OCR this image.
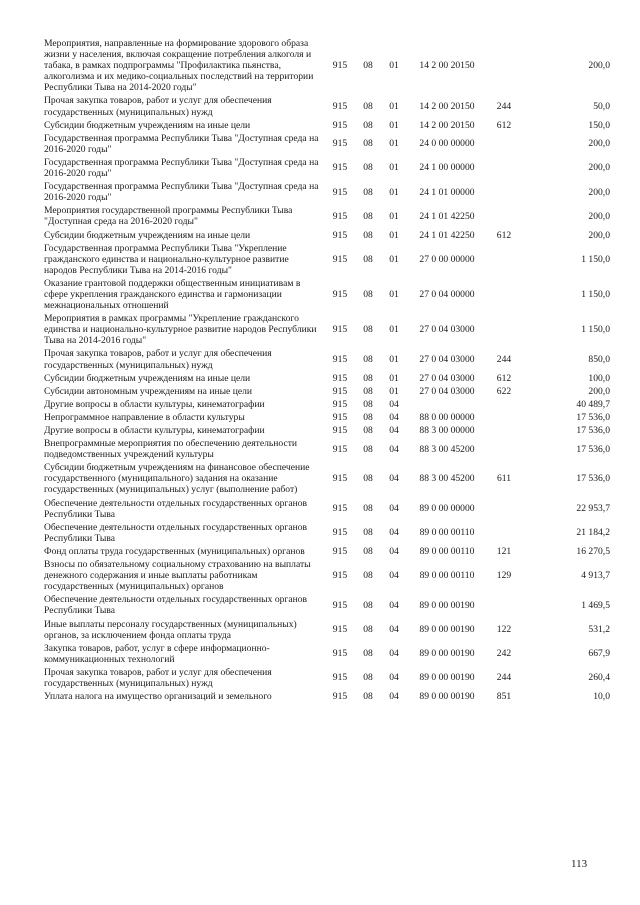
Мероприятия, направленные на формирование здорового образа жизни у населения, включая сокращение потребления алкоголя и табака, в рамках подпрограммы "Профилактика пьянства, алкоголизма и их медико-социальных последствий на территории Республики Тыва на 2014-2020 годы"	915	08	01	14 2 00 20150		200,0
Прочая закупка товаров, работ и услуг для обеспечения государственных (муниципальных) нужд	915	08	01	14 2 00 20150	244	50,0
Субсидии бюджетным учреждениям на иные цели	915	08	01	14 2 00 20150	612	150,0
Государственная программа Республики Тыва "Доступная среда на 2016-2020 годы"	915	08	01	24 0 00 00000		200,0
Государственная программа Республики Тыва "Доступная среда на 2016-2020 годы"	915	08	01	24 1 00 00000		200,0
Государственная программа Республики Тыва "Доступная среда на 2016-2020 годы"	915	08	01	24 1 01 00000		200,0
Мероприятия государственной программы Республики Тыва "Доступная среда на 2016-2020 годы"	915	08	01	24 1 01 42250		200,0
Субсидии бюджетным учреждениям на иные цели	915	08	01	24 1 01 42250	612	200,0
Государственная программа Республики Тыва "Укрепление гражданского единства и национально-культурное развитие народов Республики Тыва на 2014-2016 годы"	915	08	01	27 0 00 00000		1 150,0
Оказание грантовой поддержки общественным инициативам в сфере укрепления гражданского единства и гармонизации межнациональных отношений	915	08	01	27 0 04 00000		1 150,0
Мероприятия в рамках программы "Укрепление гражданского единства и национально-культурное развитие народов Республики Тыва на 2014-2016 годы"	915	08	01	27 0 04 03000		1 150,0
Прочая закупка товаров, работ и услуг для обеспечения государственных (муниципальных) нужд	915	08	01	27 0 04 03000	244	850,0
Субсидии бюджетным учреждениям на иные цели	915	08	01	27 0 04 03000	612	100,0
Субсидии автономным учреждениям на иные цели	915	08	01	27 0 04 03000	622	200,0
Другие вопросы в области культуры, кинематографии	915	08	04			40 489,7
Непрограммное направление в области культуры	915	08	04	88 0 00 00000		17 536,0
Другие вопросы в области культуры, кинематографии	915	08	04	88 3 00 00000		17 536,0
Внепрограммные мероприятия по обеспечению деятельности подведомственных учреждений культуры	915	08	04	88 3 00 45200		17 536,0
Субсидии бюджетным учреждениям на финансовое обеспечение государственного (муниципального) задания на оказание государственных (муниципальных) услуг (выполнение работ)	915	08	04	88 3 00 45200	611	17 536,0
Обеспечение деятельности отдельных государственных органов Республики Тыва	915	08	04	89 0 00 00000		22 953,7
Обеспечение деятельности отдельных государственных органов Республики Тыва	915	08	04	89 0 00 00110		21 184,2
Фонд оплаты труда государственных (муниципальных) органов	915	08	04	89 0 00 00110	121	16 270,5
Взносы по обязательному социальному страхованию на выплаты денежного содержания и иные выплаты работникам государственных (муниципальных) органов	915	08	04	89 0 00 00110	129	4 913,7
Обеспечение деятельности отдельных государственных органов Республики Тыва	915	08	04	89 0 00 00190		1 469,5
Иные выплаты персоналу государственных (муниципальных) органов, за исключением фонда оплаты труда	915	08	04	89 0 00 00190	122	531,2
Закупка товаров, работ, услуг в сфере информационно-коммуникационных технологий	915	08	04	89 0 00 00190	242	667,9
Прочая закупка товаров, работ и услуг для обеспечения государственных (муниципальных) нужд	915	08	04	89 0 00 00190	244	260,4
Уплата налога на имущество организаций и земельного	915	08	04	89 0 00 00190	851	10,0
113
